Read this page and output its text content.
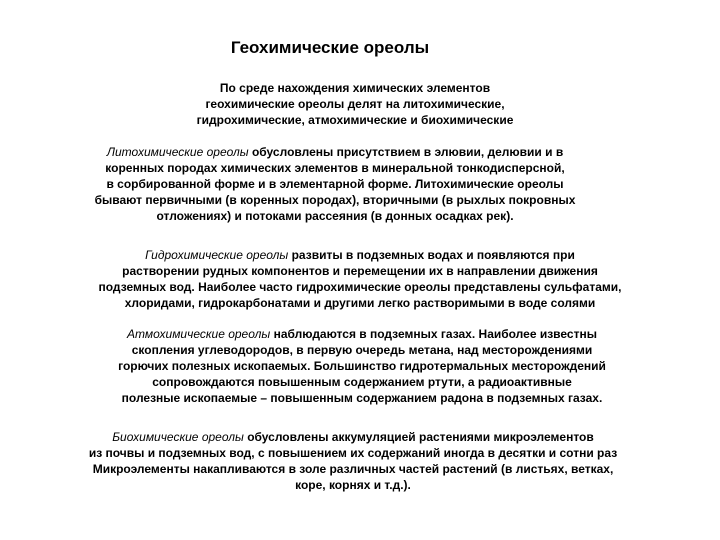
Геохимические ореолы
По среде нахождения химических элементов
геохимические ореолы делят на литохимические,
гидрохимические, атмохимические и биохимические
Литохимические ореолы обусловлены присутствием в элювии, делювии и в
коренных породах химических элементов в минеральной тонкодисперсной,
в сорбированной форме и в элементарной форме. Литохимические ореолы
бывают первичными (в коренных породах), вторичными (в рыхлых покровных
отложениях) и потоками рассеяния (в донных осадках рек).
Гидрохимические ореолы развиты в подземных водах и появляются при
растворении рудных компонентов и перемещении их в направлении движения
подземных вод. Наиболее часто гидрохимические ореолы представлены сульфатами,
хлоридами, гидрокарбонатами и другими легко растворимыми в воде солями
Атмохимические ореолы наблюдаются в подземных газах. Наиболее известны
скопления углеводородов, в первую очередь метана, над месторождениями
горючих полезных ископаемых. Большинство гидротермальных месторождений
сопровождаются повышенным содержанием ртути, а радиоактивные
полезные ископаемые – повышенным содержанием радона в подземных газах.
Биохимические ореолы обусловлены аккумуляцией растениями микроэлементов
из почвы и подземных вод, с повышением их содержаний иногда в десятки и сотни раз
Микроэлементы накапливаются в золе различных частей растений (в листьях, ветках,
коре, корнях и т.д.).
